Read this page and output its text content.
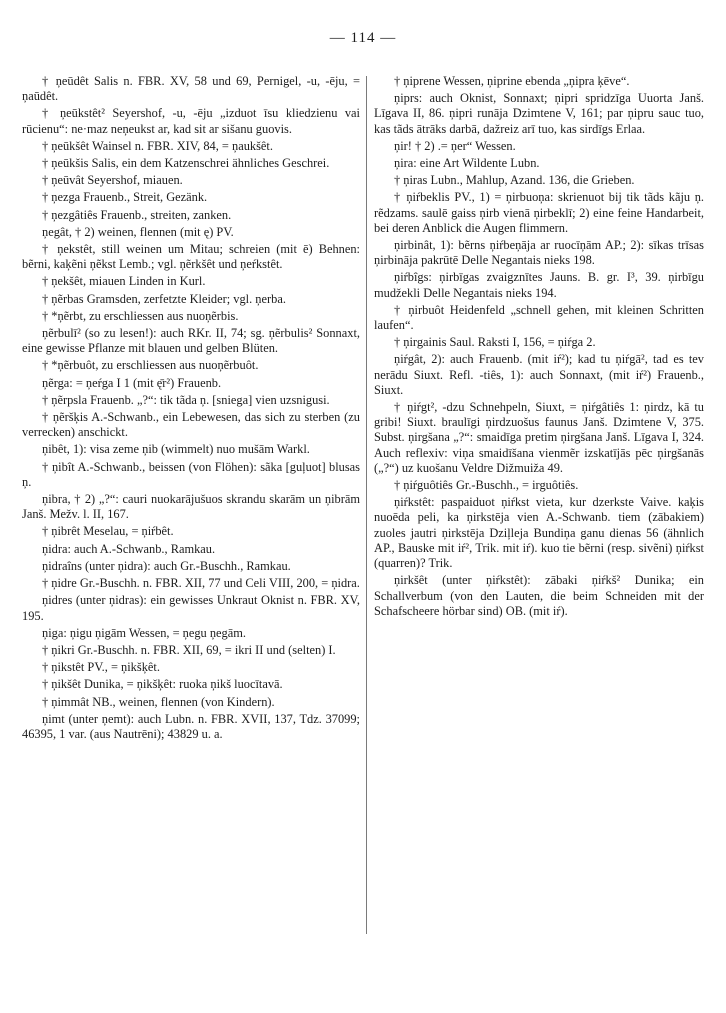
— 114 —

† ņeūdêt Salis n. FBR. XV, 58 und 69, Pernigel, -u, -ēju, = ņaūdêt.

† ņeūkstêt² Seyershof, -u, -ēju „izduot īsu kliedzienu vai rūcienu“: ne·maz neņeukst ar, kad sit ar sišanu guovis.

† ņeūkšêt Wainsel n. FBR. XIV, 84, = ņaukšêt.

† ņeūkšis Salis, ein dem Katzenschrei ähnliches Geschrei.

† ņeūvât Seyershof, miauen.

† ņezga Frauenb., Streit, Gezänk.

† ņezgâtiês Frauenb., streiten, zanken.

ņegât, † 2) weinen, flennen (mit ę) PV.

† ņekstêt, still weinen um Mitau; schreien (mit ē) Behnen: bẽrni, kaķẽni ņẽkst Lemb.; vgl. ņẽrkšêt und ņeŕkstêt.

† ņekšêt, miauen Linden in Kurl.

† ņẽrbas Gramsden, zerfetzte Kleider; vgl. ņerba.

† *ņẽrbt, zu erschliessen aus nuoņẽrbis.

ņẽrbulī² (so zu lesen!): auch RKr. II, 74; sg. ņẽrbulis² Sonnaxt, eine gewisse Pflanze mit blauen und gelben Blüten.

† *ņẽrbuôt, zu erschliessen aus nuoņẽrbuôt.

ņẽrga: = ņeŕga I 1 (mit ę̄r²) Frauenb.

† ņẽrpsla Frauenb. „?“: tik tãda ņ. [sniega] vien uzsnigusi.

† ņẽršķis A.-Schwanb., ein Lebewesen, das sich zu sterben (zu verrecken) anschickt.

ņibêt, 1): visa zeme ņib (wimmelt) nuo mušām Warkl.

† ņibît A.-Schwanb., beissen (von Flöhen): sãka [guļuot] blusas ņ.

ņibra, † 2) „?“: cauri nuokarājušuos skrandu skarām un ņibrām Janš. Mežv. l. II, 167.

† ņibrêt Meselau, = ņiŕbêt.

ņidra: auch A.-Schwanb., Ramkau.

ņidraîns (unter ņidra): auch Gr.-Buschh., Ramkau.

† ņidre Gr.-Buschh. n. FBR. XII, 77 und Celi VIII, 200, = ņidra.

ņidres (unter ņidras): ein gewisses Unkraut Oknist n. FBR. XV, 195.

ņiga: ņigu ņigām Wessen, = ņegu ņegām.

† ņikri Gr.-Buschh. n. FBR. XII, 69, = ikri II und (selten) I.

† ņikstêt PV., = ņikšķêt.

† ņikšêt Dunika, = ņikšķêt: ruoka ņikš luocītavā.

† ņimmât NB., weinen, flennen (von Kindern).

ņimt (unter ņemt): auch Lubn. n. FBR. XVII, 137, Tdz. 37099; 46395, 1 var. (aus Nautrēni); 43829 u. a.

† ņiprene Wessen, ņiprine ebenda „ņipra ķēve“.

ņiprs: auch Oknist, Sonnaxt; ņipri spridzīga Uuorta Janš. Līgava II, 86. ņipri runāja Dzimtene V, 161; par ņipru sauc tuo, kas tãds ātrāks darbā, dažreiz arī tuo, kas sirdīgs Erlaa.

ņir! † 2) .= ņer“ Wessen.

ņira: eine Art Wildente Lubn.

† ņiras Lubn., Mahlup, Azand. 136, die Grieben.

† ņiŕbeklis PV., 1) = ņirbuoņa: skrienuot bij tik tãds kãju ņ. rẽdzams. saulē gaiss ņirb vienā ņirbeklī; 2) eine feine Handarbeit, bei deren Anblick die Augen flimmern.

ņirbinât, 1): bẽrns ņiŕbeņāja ar ruocīņām AP.; 2): sīkas trīsas ņirbināja pakrūtē Delle Negantais nieks 198.

ņiŕbîgs: ņirbīgas zvaigznītes Jauns. B. gr. I³, 39. ņirbīgu mudžekli Delle Negantais nieks 194.

† ņirbuôt Heidenfeld „schnell gehen, mit kleinen Schritten laufen“.

† ņirgainis Saul. Raksti I, 156, = ņiŕga 2.

ņiŕgât, 2): auch Frauenb. (mit iŕ²); kad tu ņiŕgā², tad es tev nerādu Siuxt. Refl. -tiês, 1): auch Sonnaxt, (mit iŕ²) Frauenb., Siuxt.

† ņiŕgt², -dzu Schnehpeln, Siuxt, = ņiŕgâtiês 1: ņirdz, kā tu gribi! Siuxt. braulīgi ņirdzuošus faunus Janš. Dzimtene V, 375. Subst. ņirgšana „?“: smaidīga pretim ņirgšana Janš. Līgava I, 324. Auch reflexiv: viņa smaidīšana vienmẽr izskatījās pēc ņirgšanās („?“) uz kuošanu Veldre Dižmuiža 49.

† ņiŕguôtiês Gr.-Buschh., = irguôtiês.

ņiŕkstêt: paspaiduot ņiŕkst vieta, kur dzerkste Vaive. kaķis nuoēda peli, ka ņirkstēja vien A.-Schwanb. tiem (zābakiem) zuoles jautri ņirkstēja Dziļleja Bundiņa ganu dienas 56 (ähnlich AP., Bauske mit iŕ², Trik. mit iŕ). kuo tie bẽrni (resp. sivẽni) ņiŕkst (quarren)? Trik.

ņirkšêt (unter ņiŕkstêt): zābaki ņiŕkš² Dunika; ein Schallverbum (von den Lauten, die beim Schneiden mit der Schafscheere hörbar sind) OB. (mit iŕ).
